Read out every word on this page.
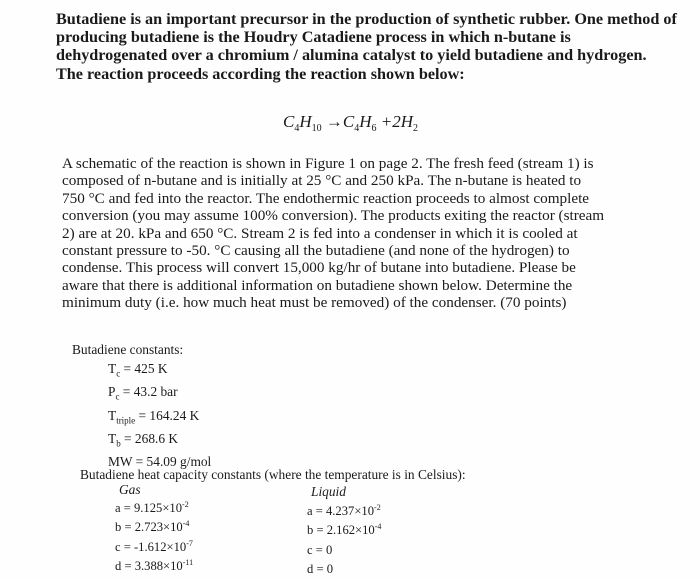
Butadiene is an important precursor in the production of synthetic rubber. One method of

producing butadiene is the Houdry Catadiene process in which n-butane is

dehydrogenated over a chromium / alumina catalyst to yield butadiene and hydrogen.

The reaction proceeds according the reaction shown below:

$C_4H_{10} \to C_4H_6 +2H_2$

A schematic of the reaction is shown in Figure 1 on page 2. The fresh feed (stream 1) is

composed of n-butane and is initially at 25 °C and 250 kPa. The n-butane is heated to

750 °C and fed into the reactor. The endothermic reaction proceeds to almost complete

conversion (you may assume 100% conversion). The products exiting the reactor (stream

2) are at 20. kPa and 650 °C. Stream 2 is fed into a condenser in which it is cooled at

constant pressure to -50. °C causing all the butadiene (and none of the hydrogen) to

condense. This process will convert 15,000 kg/hr of butane into butadiene. Please be

aware that there is additional information on butadiene shown below. Determine the

minimum duty (i.e. how much heat must be removed) of the condenser. (70 points)

Butadiene constants:
$T_c = 425$ K
$P_c = 43.2$ bar
$T_{triple} = 164.24$ K
$T_b = 268.6$ K
MW = 54.09 g/mol
Butadiene heat capacity constants (where the temperature is in Celsius):
Gas	Liquid
$a = 9.125\times 10^{-2}$
$b = 2.723\times 10^{-4}$
$c = -1.612\times 10^{-7}$
$d = 3.388\times 10^{-11}$
$a = 4.237\times 10^{-2}$
$b = 2.162\times 10^{-4}$
c = 0
d = 0
